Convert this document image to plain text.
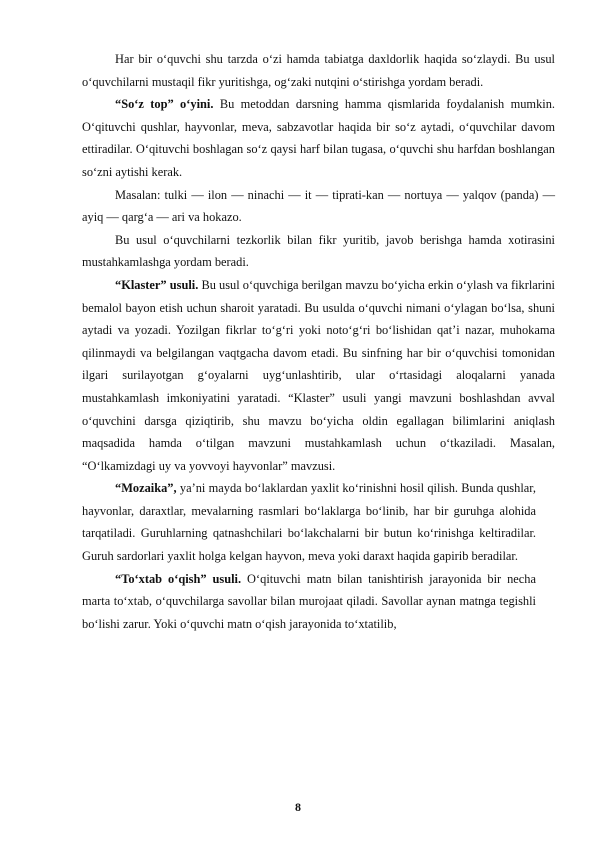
Har bir o‘quvchi shu tarzda o‘zi hamda tabiatga daxldorlik haqida so‘zlaydi. Bu usul o‘quvchilarni mustaqil fikr yuritishga, og‘zaki nutqini o‘stirishga yordam beradi.

“So‘z top” o‘yini. Bu metoddan darsning hamma qismlarida foydalanish mumkin. O‘qituvchi qushlar, hayvonlar, meva, sabzavotlar haqida bir so‘z aytadi, o‘quvchilar davom ettiradilar. O‘qituvchi boshlagan so‘z qaysi harf bilan tugasa, o‘quvchi shu harfdan boshlangan so‘zni aytishi kerak.

Masalan: tulki — ilon — ninachi — it — tiprati-kan — nortuya — yalqov (panda) — ayiq — qarg‘a — ari va hokazo.

Bu usul o‘quvchilarni tezkorlik bilan fikr yuritib, javob berishga hamda xotirasini mustahkamlashga yordam beradi.

“Klaster” usuli. Bu usul o‘quvchiga berilgan mavzu bo‘yicha erkin o‘ylash va fikrlarini bemalol bayon etish uchun sharoit yaratadi. Bu usulda o‘quvchi nimani o‘ylagan bo‘lsa, shuni aytadi va yozadi. Yozilgan fikrlar to‘g‘ri yoki noto‘g‘ri bo‘lishidan qat’i nazar, muhokama qilinmaydi va belgilangan vaqtgacha davom etadi. Bu sinfning har bir o‘quvchisi tomonidan ilgari surilayotgan g‘oyalarni uyg‘unlashtirib, ular o‘rtasidagi aloqalarni yanada mustahkamlash imkoniyatini yaratadi. “Klaster” usuli yangi mavzuni boshlashdan avval o‘quvchini darsga qiziqtirib, shu mavzu bo‘yicha oldin egallagan bilimlarini aniqlash maqsadida hamda o‘tilgan mavzuni mustahkamlash uchun o‘tkaziladi. Masalan, “O‘lkamizdagi uy va yovvoyi hayvonlar” mavzusi.

“Mozaika”, ya’ni mayda bo‘laklardan yaxlit ko‘rinishni hosil qilish. Bunda qushlar, hayvonlar, daraxtlar, mevalarning rasmlari bo‘laklarga bo‘linib, har bir guruhga alohida tarqatiladi. Guruhlarning qatnashchilari bo‘lakchalarni bir butun ko‘rinishga keltiradilar. Guruh sardorlari yaxlit holga kelgan hayvon, meva yoki daraxt haqida gapirib beradilar.

“To‘xtab o‘qish” usuli. O‘qituvchi matn bilan tanishtirish jarayonida bir necha marta to‘xtab, o‘quvchilarga savollar bilan murojaat qiladi. Savollar aynan matnga tegishli bo‘lishi zarur. Yoki o‘quvchi matn o‘qish jarayonida to‘xtatilib,

8
